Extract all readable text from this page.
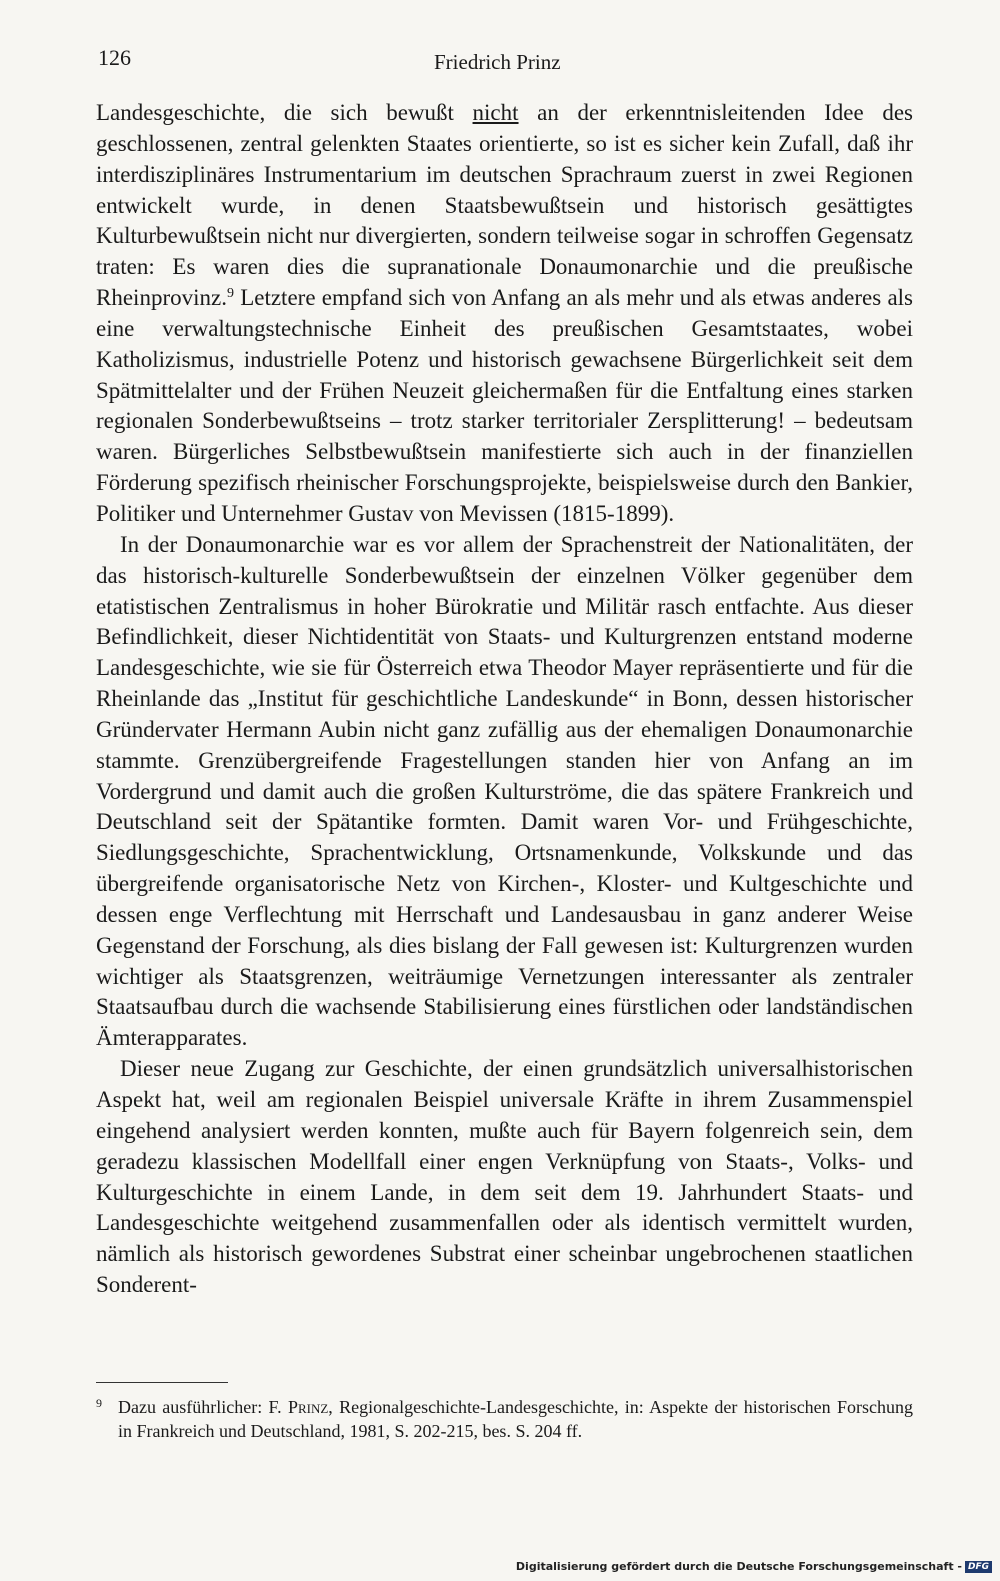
126	Friedrich Prinz

Landesgeschichte, die sich bewußt nicht an der erkenntnisleitenden Idee des geschlossenen, zentral gelenkten Staates orientierte, so ist es sicher kein Zufall, daß ihr interdisziplinäres Instrumentarium im deutschen Sprachraum zuerst in zwei Regionen entwickelt wurde, in denen Staatsbewußtsein und historisch gesättigtes Kulturbewußtsein nicht nur divergierten, sondern teilweise sogar in schroffen Gegensatz traten: Es waren dies die supranationale Donaumonarchie und die preußische Rheinprovinz.$^9$ Letztere empfand sich von Anfang an als mehr und als etwas anderes als eine verwaltungstechnische Einheit des preußischen Gesamtstaates, wobei Katholizismus, industrielle Potenz und historisch gewachsene Bürgerlichkeit seit dem Spätmittelalter und der Frühen Neuzeit gleichermaßen für die Entfaltung eines starken regionalen Sonderbewußtseins – trotz starker territorialer Zersplitterung! – bedeutsam waren. Bürgerliches Selbstbewußtsein manifestierte sich auch in der finanziellen Förderung spezifisch rheinischer Forschungsprojekte, beispielsweise durch den Bankier, Politiker und Unternehmer Gustav von Mevissen (1815-1899).

In der Donaumonarchie war es vor allem der Sprachenstreit der Nationalitäten, der das historisch-kulturelle Sonderbewußtsein der einzelnen Völker gegenüber dem etatistischen Zentralismus in hoher Bürokratie und Militär rasch entfachte. Aus dieser Befindlichkeit, dieser Nichtidentität von Staats- und Kulturgrenzen entstand moderne Landesgeschichte, wie sie für Österreich etwa Theodor Mayer repräsentierte und für die Rheinlande das „Institut für geschichtliche Landeskunde“ in Bonn, dessen historischer Gründervater Hermann Aubin nicht ganz zufällig aus der ehemaligen Donaumonarchie stammte. Grenzübergreifende Fragestellungen standen hier von Anfang an im Vordergrund und damit auch die großen Kulturströme, die das spätere Frankreich und Deutschland seit der Spätantike formten. Damit waren Vor- und Frühgeschichte, Siedlungsgeschichte, Sprachentwicklung, Ortsnamenkunde, Volkskunde und das übergreifende organisatorische Netz von Kirchen-, Kloster- und Kultgeschichte und dessen enge Verflechtung mit Herrschaft und Landesausbau in ganz anderer Weise Gegenstand der Forschung, als dies bislang der Fall gewesen ist: Kulturgrenzen wurden wichtiger als Staatsgrenzen, weiträumige Vernetzungen interessanter als zentraler Staatsaufbau durch die wachsende Stabilisierung eines fürstlichen oder landständischen Ämterapparates.

Dieser neue Zugang zur Geschichte, der einen grundsätzlich universalhistorischen Aspekt hat, weil am regionalen Beispiel universale Kräfte in ihrem Zusammenspiel eingehend analysiert werden konnten, mußte auch für Bayern folgenreich sein, dem geradezu klassischen Modellfall einer engen Verknüpfung von Staats-, Volks- und Kulturgeschichte in einem Lande, in dem seit dem 19. Jahrhundert Staats- und Landesgeschichte weitgehend zusammenfallen oder als identisch vermittelt wurden, nämlich als historisch gewordenes Substrat einer scheinbar ungebrochenen staatlichen Sonderent-

9 Dazu ausführlicher: F. Prinz, Regionalgeschichte-Landesgeschichte, in: Aspekte der historischen Forschung in Frankreich und Deutschland, 1981, S. 202-215, bes. S. 204 ff.
Digitalisierung gefördert durch die Deutsche Forschungsgemeinschaft - DFG
